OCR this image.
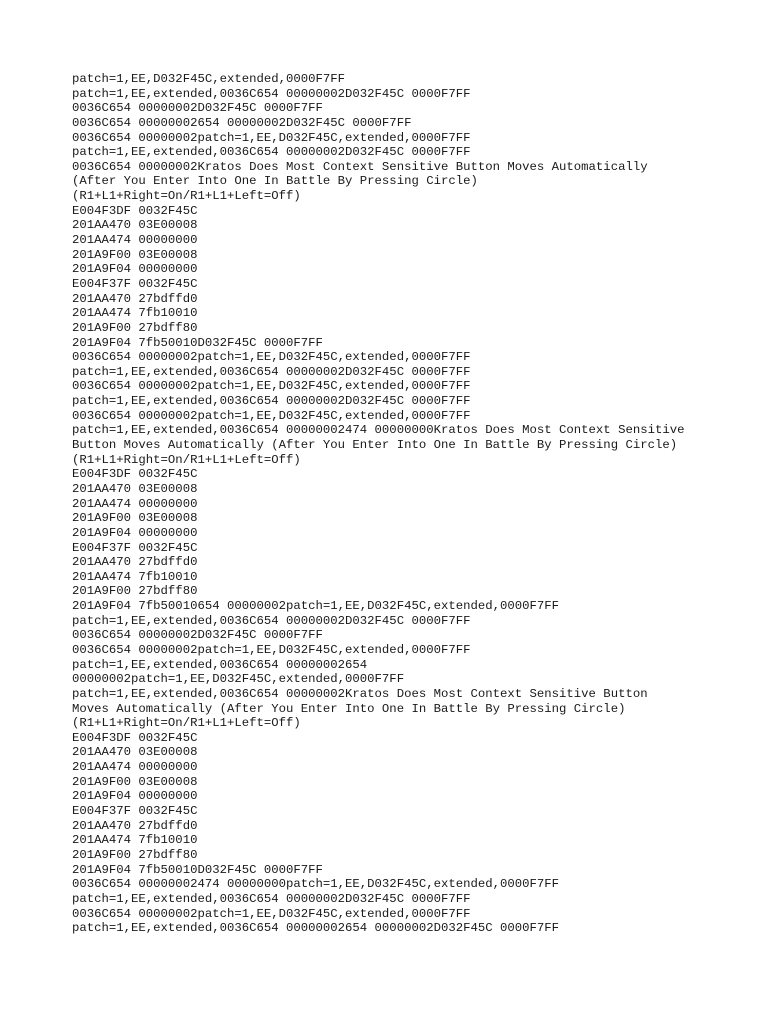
patch=1,EE,D032F45C,extended,0000F7FF
patch=1,EE,extended,0036C654 00000002D032F45C 0000F7FF
0036C654 00000002D032F45C 0000F7FF
0036C654 00000002654 00000002D032F45C 0000F7FF
0036C654 00000002patch=1,EE,D032F45C,extended,0000F7FF
patch=1,EE,extended,0036C654 00000002D032F45C 0000F7FF
0036C654 00000002Kratos Does Most Context Sensitive Button Moves Automatically
(After You Enter Into One In Battle By Pressing Circle)
(R1+L1+Right=On/R1+L1+Left=Off)
E004F3DF 0032F45C
201AA470 03E00008
201AA474 00000000
201A9F00 03E00008
201A9F04 00000000
E004F37F 0032F45C
201AA470 27bdffd0
201AA474 7fb10010
201A9F00 27bdff80
201A9F04 7fb50010D032F45C 0000F7FF
0036C654 00000002patch=1,EE,D032F45C,extended,0000F7FF
patch=1,EE,extended,0036C654 00000002D032F45C 0000F7FF
0036C654 00000002patch=1,EE,D032F45C,extended,0000F7FF
patch=1,EE,extended,0036C654 00000002D032F45C 0000F7FF
0036C654 00000002patch=1,EE,D032F45C,extended,0000F7FF
patch=1,EE,extended,0036C654 00000002474 00000000Kratos Does Most Context Sensitive
Button Moves Automatically (After You Enter Into One In Battle By Pressing Circle)
(R1+L1+Right=On/R1+L1+Left=Off)
E004F3DF 0032F45C
201AA470 03E00008
201AA474 00000000
201A9F00 03E00008
201A9F04 00000000
E004F37F 0032F45C
201AA470 27bdffd0
201AA474 7fb10010
201A9F00 27bdff80
201A9F04 7fb50010654 00000002patch=1,EE,D032F45C,extended,0000F7FF
patch=1,EE,extended,0036C654 00000002D032F45C 0000F7FF
0036C654 00000002D032F45C 0000F7FF
0036C654 00000002patch=1,EE,D032F45C,extended,0000F7FF
patch=1,EE,extended,0036C654 00000002654
00000002patch=1,EE,D032F45C,extended,0000F7FF
patch=1,EE,extended,0036C654 00000002Kratos Does Most Context Sensitive Button
Moves Automatically (After You Enter Into One In Battle By Pressing Circle)
(R1+L1+Right=On/R1+L1+Left=Off)
E004F3DF 0032F45C
201AA470 03E00008
201AA474 00000000
201A9F00 03E00008
201A9F04 00000000
E004F37F 0032F45C
201AA470 27bdffd0
201AA474 7fb10010
201A9F00 27bdff80
201A9F04 7fb50010D032F45C 0000F7FF
0036C654 00000002474 00000000patch=1,EE,D032F45C,extended,0000F7FF
patch=1,EE,extended,0036C654 00000002D032F45C 0000F7FF
0036C654 00000002patch=1,EE,D032F45C,extended,0000F7FF
patch=1,EE,extended,0036C654 00000002654 00000002D032F45C 0000F7FF
